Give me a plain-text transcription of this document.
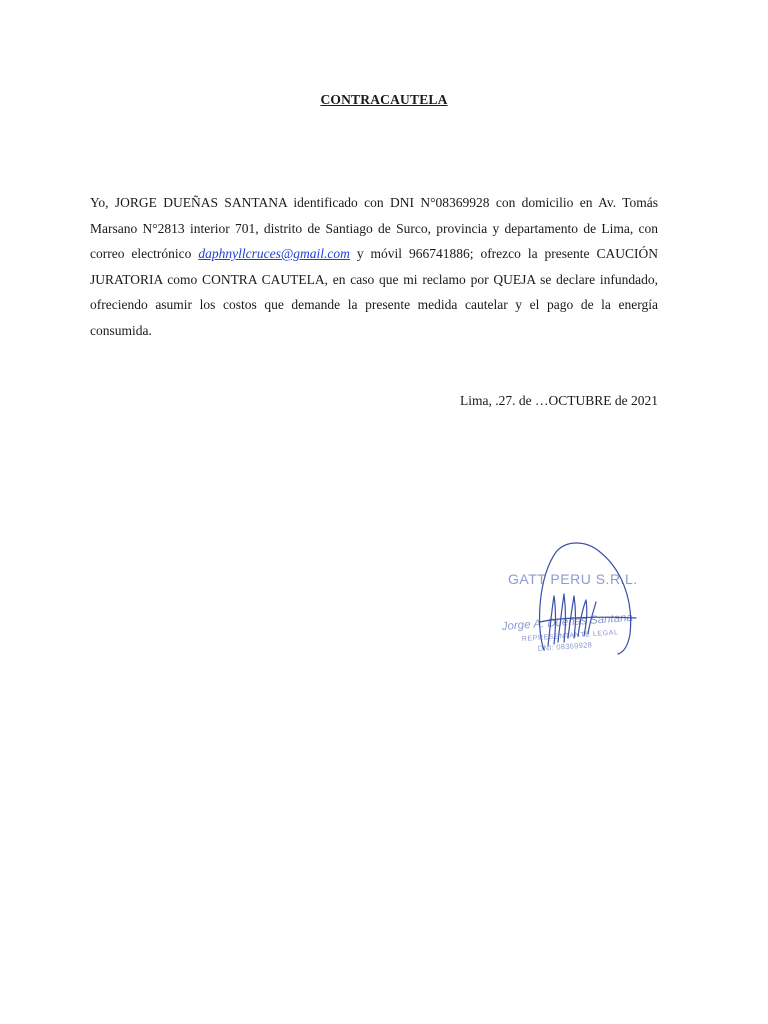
CONTRACAUTELA
Yo, JORGE DUEÑAS SANTANA identificado con DNI N°08369928 con domicilio en Av. Tomás Marsano N°2813 interior 701, distrito de Santiago de Surco, provincia y departamento de Lima, con correo electrónico daphnyllcruces@gmail.com y móvil 966741886; ofrezco la presente CAUCIÓN JURATORIA como CONTRA CAUTELA, en caso que mi reclamo por QUEJA se declare infundado, ofreciendo asumir los costos que demande la presente medida cautelar y el pago de la energía consumida.
Lima, .27. de …OCTUBRE de 2021
GATT PERU S.R.L.
Jorge A. Dueñas Santana
REPRESENTANTE LEGAL
DNI: 08369928
